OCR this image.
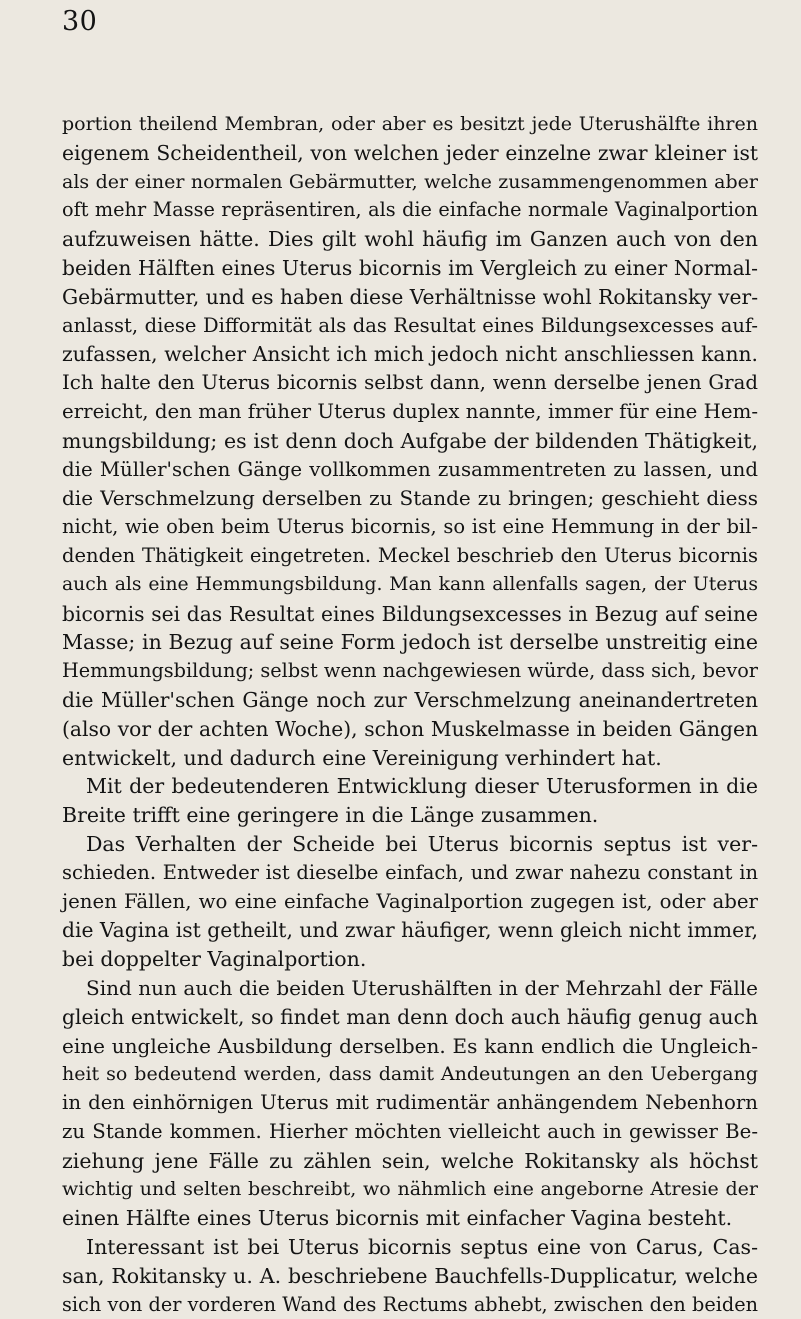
30
portion theilend Membran, oder aber es besitzt jede Uterushälfte ihren
eigenem Scheidentheil, von welchen jeder einzelne zwar kleiner ist
als der einer normalen Gebärmutter, welche zusammengenommen aber
oft mehr Masse repräsentiren, als die einfache normale Vaginalportion
aufzuweisen hätte. Dies gilt wohl häufig im Ganzen auch von den
beiden Hälften eines Uterus bicornis im Vergleich zu einer Normal-
Gebärmutter, und es haben diese Verhältnisse wohl Rokitansky ver-
anlasst, diese Difformität als das Resultat eines Bildungsexcesses auf-
zufassen, welcher Ansicht ich mich jedoch nicht anschliessen kann.
Ich halte den Uterus bicornis selbst dann, wenn derselbe jenen Grad
erreicht, den man früher Uterus duplex nannte, immer für eine Hem-
mungsbildung; es ist denn doch Aufgabe der bildenden Thätigkeit,
die Müller'schen Gänge vollkommen zusammentreten zu lassen, und
die Verschmelzung derselben zu Stande zu bringen; geschieht diess
nicht, wie oben beim Uterus bicornis, so ist eine Hemmung in der bil-
denden Thätigkeit eingetreten. Meckel beschrieb den Uterus bicornis
auch als eine Hemmungsbildung. Man kann allenfalls sagen, der Uterus
bicornis sei das Resultat eines Bildungsexcesses in Bezug auf seine
Masse; in Bezug auf seine Form jedoch ist derselbe unstreitig eine
Hemmungsbildung; selbst wenn nachgewiesen würde, dass sich, bevor
die Müller'schen Gänge noch zur Verschmelzung aneinandertreten
(also vor der achten Woche), schon Muskelmasse in beiden Gängen
entwickelt, und dadurch eine Vereinigung verhindert hat.
Mit der bedeutenderen Entwicklung dieser Uterusformen in die
Breite trifft eine geringere in die Länge zusammen.
Das Verhalten der Scheide bei Uterus bicornis septus ist ver-
schieden. Entweder ist dieselbe einfach, und zwar nahezu constant in
jenen Fällen, wo eine einfache Vaginalportion zugegen ist, oder aber
die Vagina ist getheilt, und zwar häufiger, wenn gleich nicht immer,
bei doppelter Vaginalportion.
Sind nun auch die beiden Uterushälften in der Mehrzahl der Fälle
gleich entwickelt, so findet man denn doch auch häufig genug auch
eine ungleiche Ausbildung derselben. Es kann endlich die Ungleich-
heit so bedeutend werden, dass damit Andeutungen an den Uebergang
in den einhörnigen Uterus mit rudimentär anhängendem Nebenhorn
zu Stande kommen. Hierher möchten vielleicht auch in gewisser Be-
ziehung jene Fälle zu zählen sein, welche Rokitansky als höchst
wichtig und selten beschreibt, wo nähmlich eine angeborne Atresie der
einen Hälfte eines Uterus bicornis mit einfacher Vagina besteht.
Interessant ist bei Uterus bicornis septus eine von Carus, Cas-
san, Rokitansky u. A. beschriebene Bauchfells-Dupplicatur, welche
sich von der vorderen Wand des Rectums abhebt, zwischen den beiden
